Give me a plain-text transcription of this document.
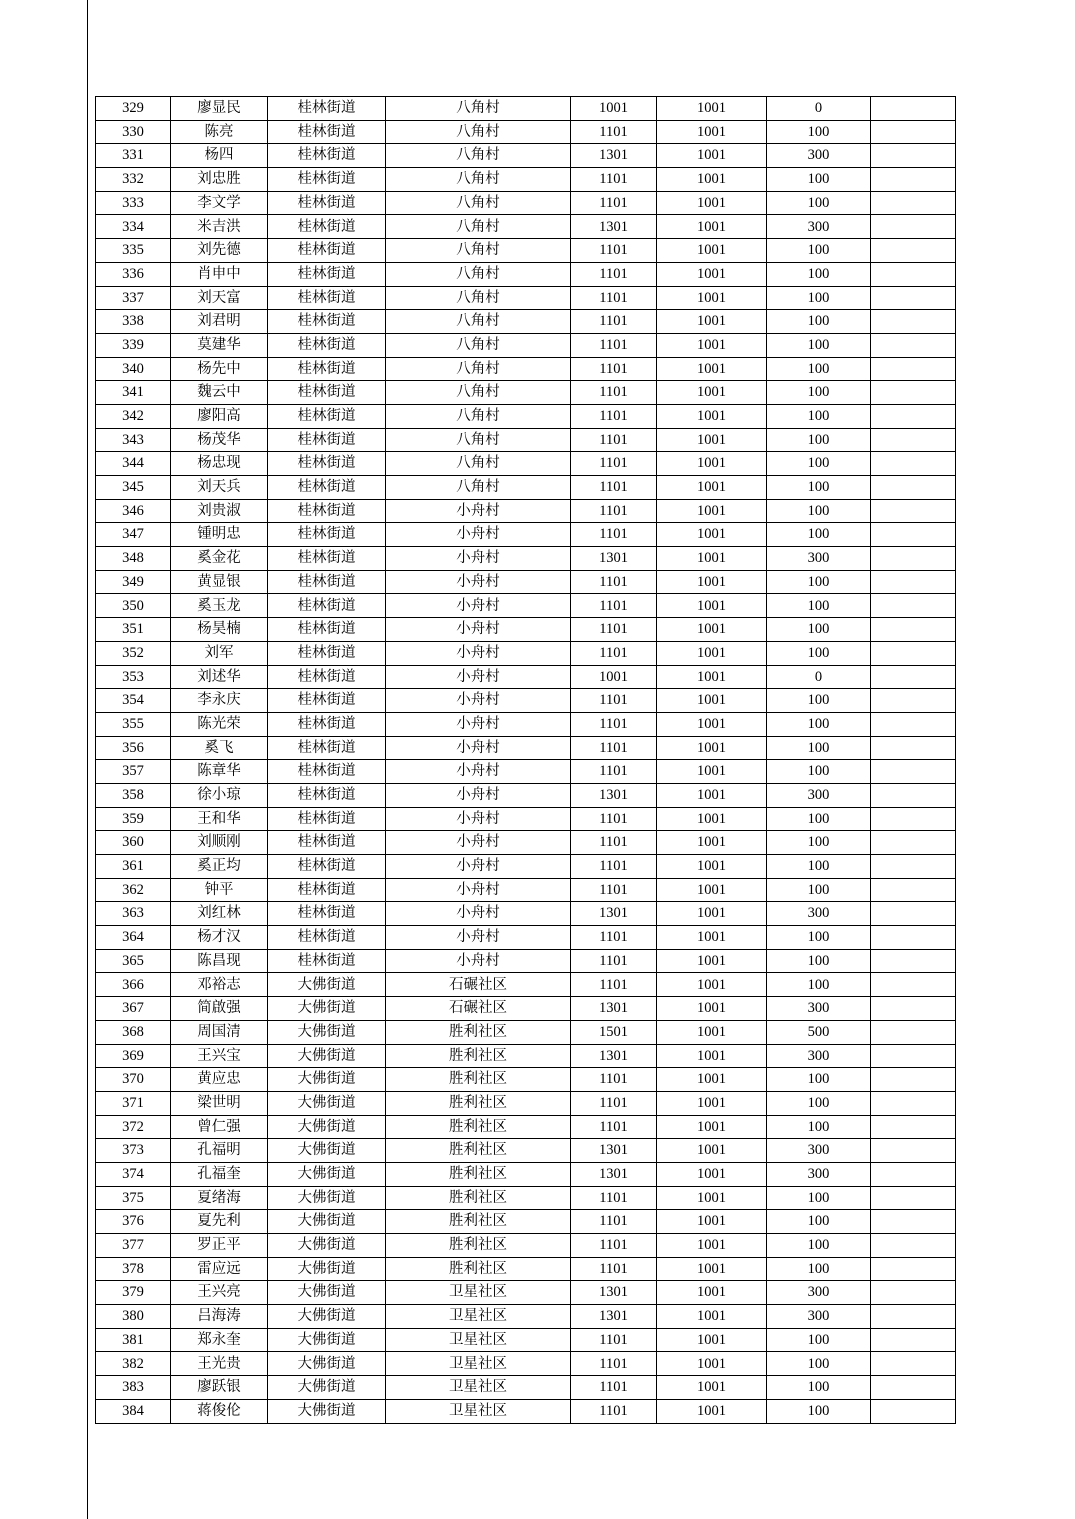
329	廖显民	桂林街道	八角村	1001	1001	0	
330	陈亮	桂林街道	八角村	1101	1001	100	
331	杨四	桂林街道	八角村	1301	1001	300	
332	刘忠胜	桂林街道	八角村	1101	1001	100	
333	李文学	桂林街道	八角村	1101	1001	100	
334	米吉洪	桂林街道	八角村	1301	1001	300	
335	刘先德	桂林街道	八角村	1101	1001	100	
336	肖申中	桂林街道	八角村	1101	1001	100	
337	刘天富	桂林街道	八角村	1101	1001	100	
338	刘君明	桂林街道	八角村	1101	1001	100	
339	莫建华	桂林街道	八角村	1101	1001	100	
340	杨先中	桂林街道	八角村	1101	1001	100	
341	魏云中	桂林街道	八角村	1101	1001	100	
342	廖阳高	桂林街道	八角村	1101	1001	100	
343	杨茂华	桂林街道	八角村	1101	1001	100	
344	杨忠现	桂林街道	八角村	1101	1001	100	
345	刘天兵	桂林街道	八角村	1101	1001	100	
346	刘贵淑	桂林街道	小舟村	1101	1001	100	
347	锺明忠	桂林街道	小舟村	1101	1001	100	
348	奚金花	桂林街道	小舟村	1301	1001	300	
349	黄显银	桂林街道	小舟村	1101	1001	100	
350	奚玉龙	桂林街道	小舟村	1101	1001	100	
351	杨昊楠	桂林街道	小舟村	1101	1001	100	
352	刘军	桂林街道	小舟村	1101	1001	100	
353	刘述华	桂林街道	小舟村	1001	1001	0	
354	李永庆	桂林街道	小舟村	1101	1001	100	
355	陈光荣	桂林街道	小舟村	1101	1001	100	
356	奚飞	桂林街道	小舟村	1101	1001	100	
357	陈章华	桂林街道	小舟村	1101	1001	100	
358	徐小琼	桂林街道	小舟村	1301	1001	300	
359	王和华	桂林街道	小舟村	1101	1001	100	
360	刘顺刚	桂林街道	小舟村	1101	1001	100	
361	奚正均	桂林街道	小舟村	1101	1001	100	
362	钟平	桂林街道	小舟村	1101	1001	100	
363	刘红林	桂林街道	小舟村	1301	1001	300	
364	杨才汉	桂林街道	小舟村	1101	1001	100	
365	陈昌现	桂林街道	小舟村	1101	1001	100	
366	邓裕志	大佛街道	石碾社区	1101	1001	100	
367	简啟强	大佛街道	石碾社区	1301	1001	300	
368	周国清	大佛街道	胜利社区	1501	1001	500	
369	王兴宝	大佛街道	胜利社区	1301	1001	300	
370	黄应忠	大佛街道	胜利社区	1101	1001	100	
371	梁世明	大佛街道	胜利社区	1101	1001	100	
372	曾仁强	大佛街道	胜利社区	1101	1001	100	
373	孔福明	大佛街道	胜利社区	1301	1001	300	
374	孔福奎	大佛街道	胜利社区	1301	1001	300	
375	夏绪海	大佛街道	胜利社区	1101	1001	100	
376	夏先利	大佛街道	胜利社区	1101	1001	100	
377	罗正平	大佛街道	胜利社区	1101	1001	100	
378	雷应远	大佛街道	胜利社区	1101	1001	100	
379	王兴亮	大佛街道	卫星社区	1301	1001	300	
380	吕海涛	大佛街道	卫星社区	1301	1001	300	
381	郑永奎	大佛街道	卫星社区	1101	1001	100	
382	王光贵	大佛街道	卫星社区	1101	1001	100	
383	廖跃银	大佛街道	卫星社区	1101	1001	100	
384	蒋俊伦	大佛街道	卫星社区	1101	1001	100	
